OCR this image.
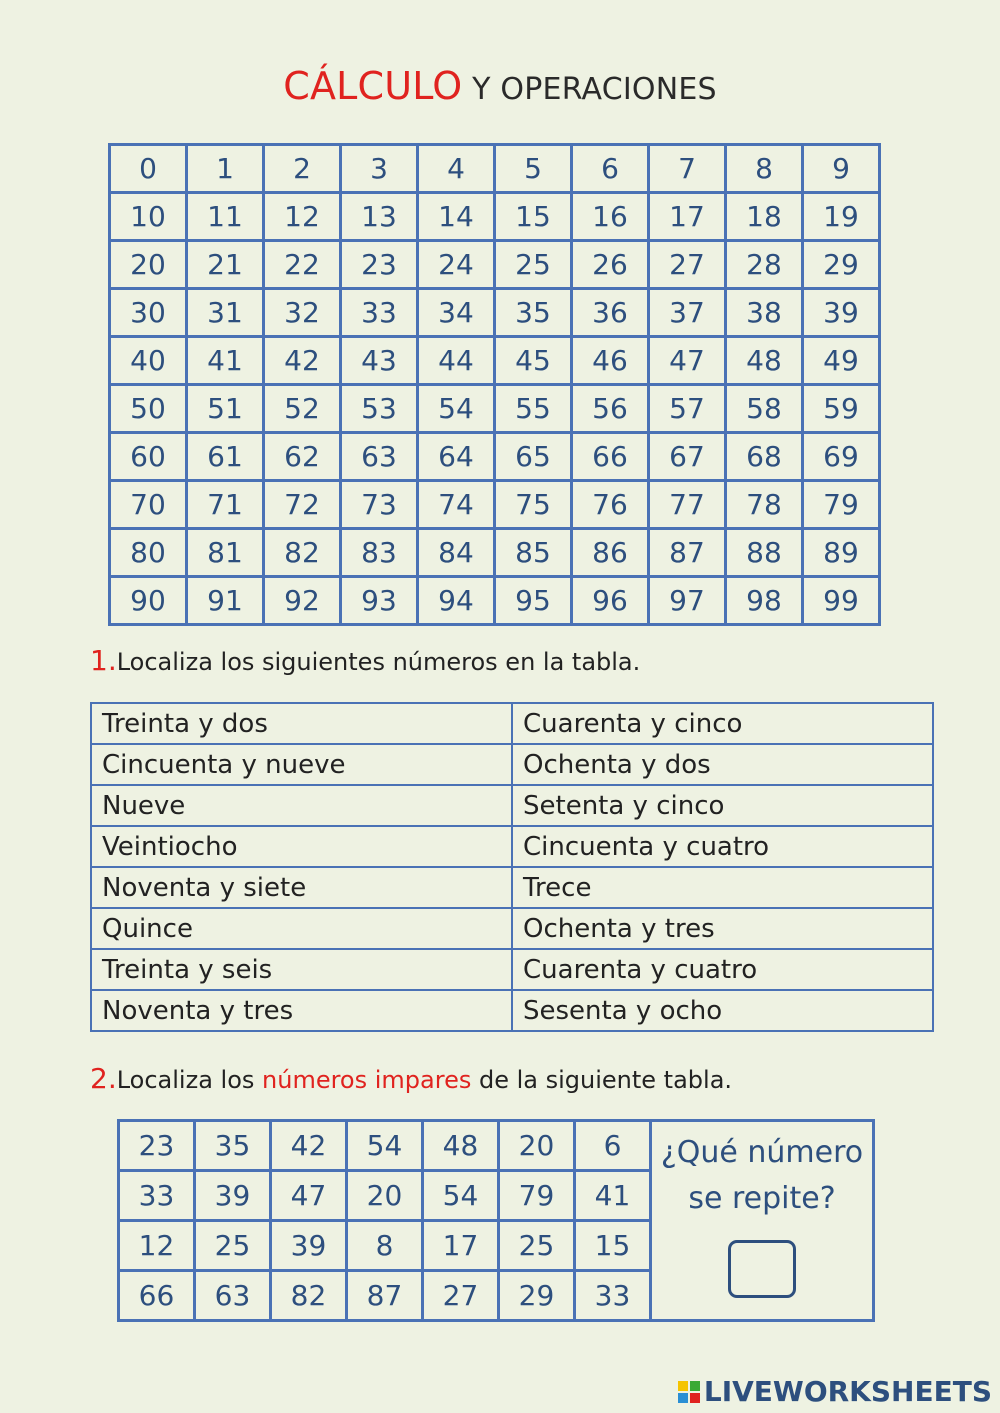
CÁLCULO Y OPERACIONES
0	1	2	3	4	5	6	7	8	9
10	11	12	13	14	15	16	17	18	19
20	21	22	23	24	25	26	27	28	29
30	31	32	33	34	35	36	37	38	39
40	41	42	43	44	45	46	47	48	49
50	51	52	53	54	55	56	57	58	59
60	61	62	63	64	65	66	67	68	69
70	71	72	73	74	75	76	77	78	79
80	81	82	83	84	85	86	87	88	89
90	91	92	93	94	95	96	97	98	99
1.Localiza los siguientes números en la tabla.
Treinta y dos	Cuarenta y cinco
Cincuenta y nueve	Ochenta y dos
Nueve	Setenta y cinco
Veintiocho	Cincuenta y cuatro
Noventa y siete	Trece
Quince	Ochenta y tres
Treinta y seis	Cuarenta y cuatro
Noventa y tres	Sesenta y ocho
2.Localiza los números impares de la siguiente tabla.
23	35	42	54	48	20	6	¿Qué número
se repite?

33	39	47	20	54	79	41	
12	25	39	8	17	25	15	
66	63	82	87	27	29	33	
LIVEWORKSHEETS
